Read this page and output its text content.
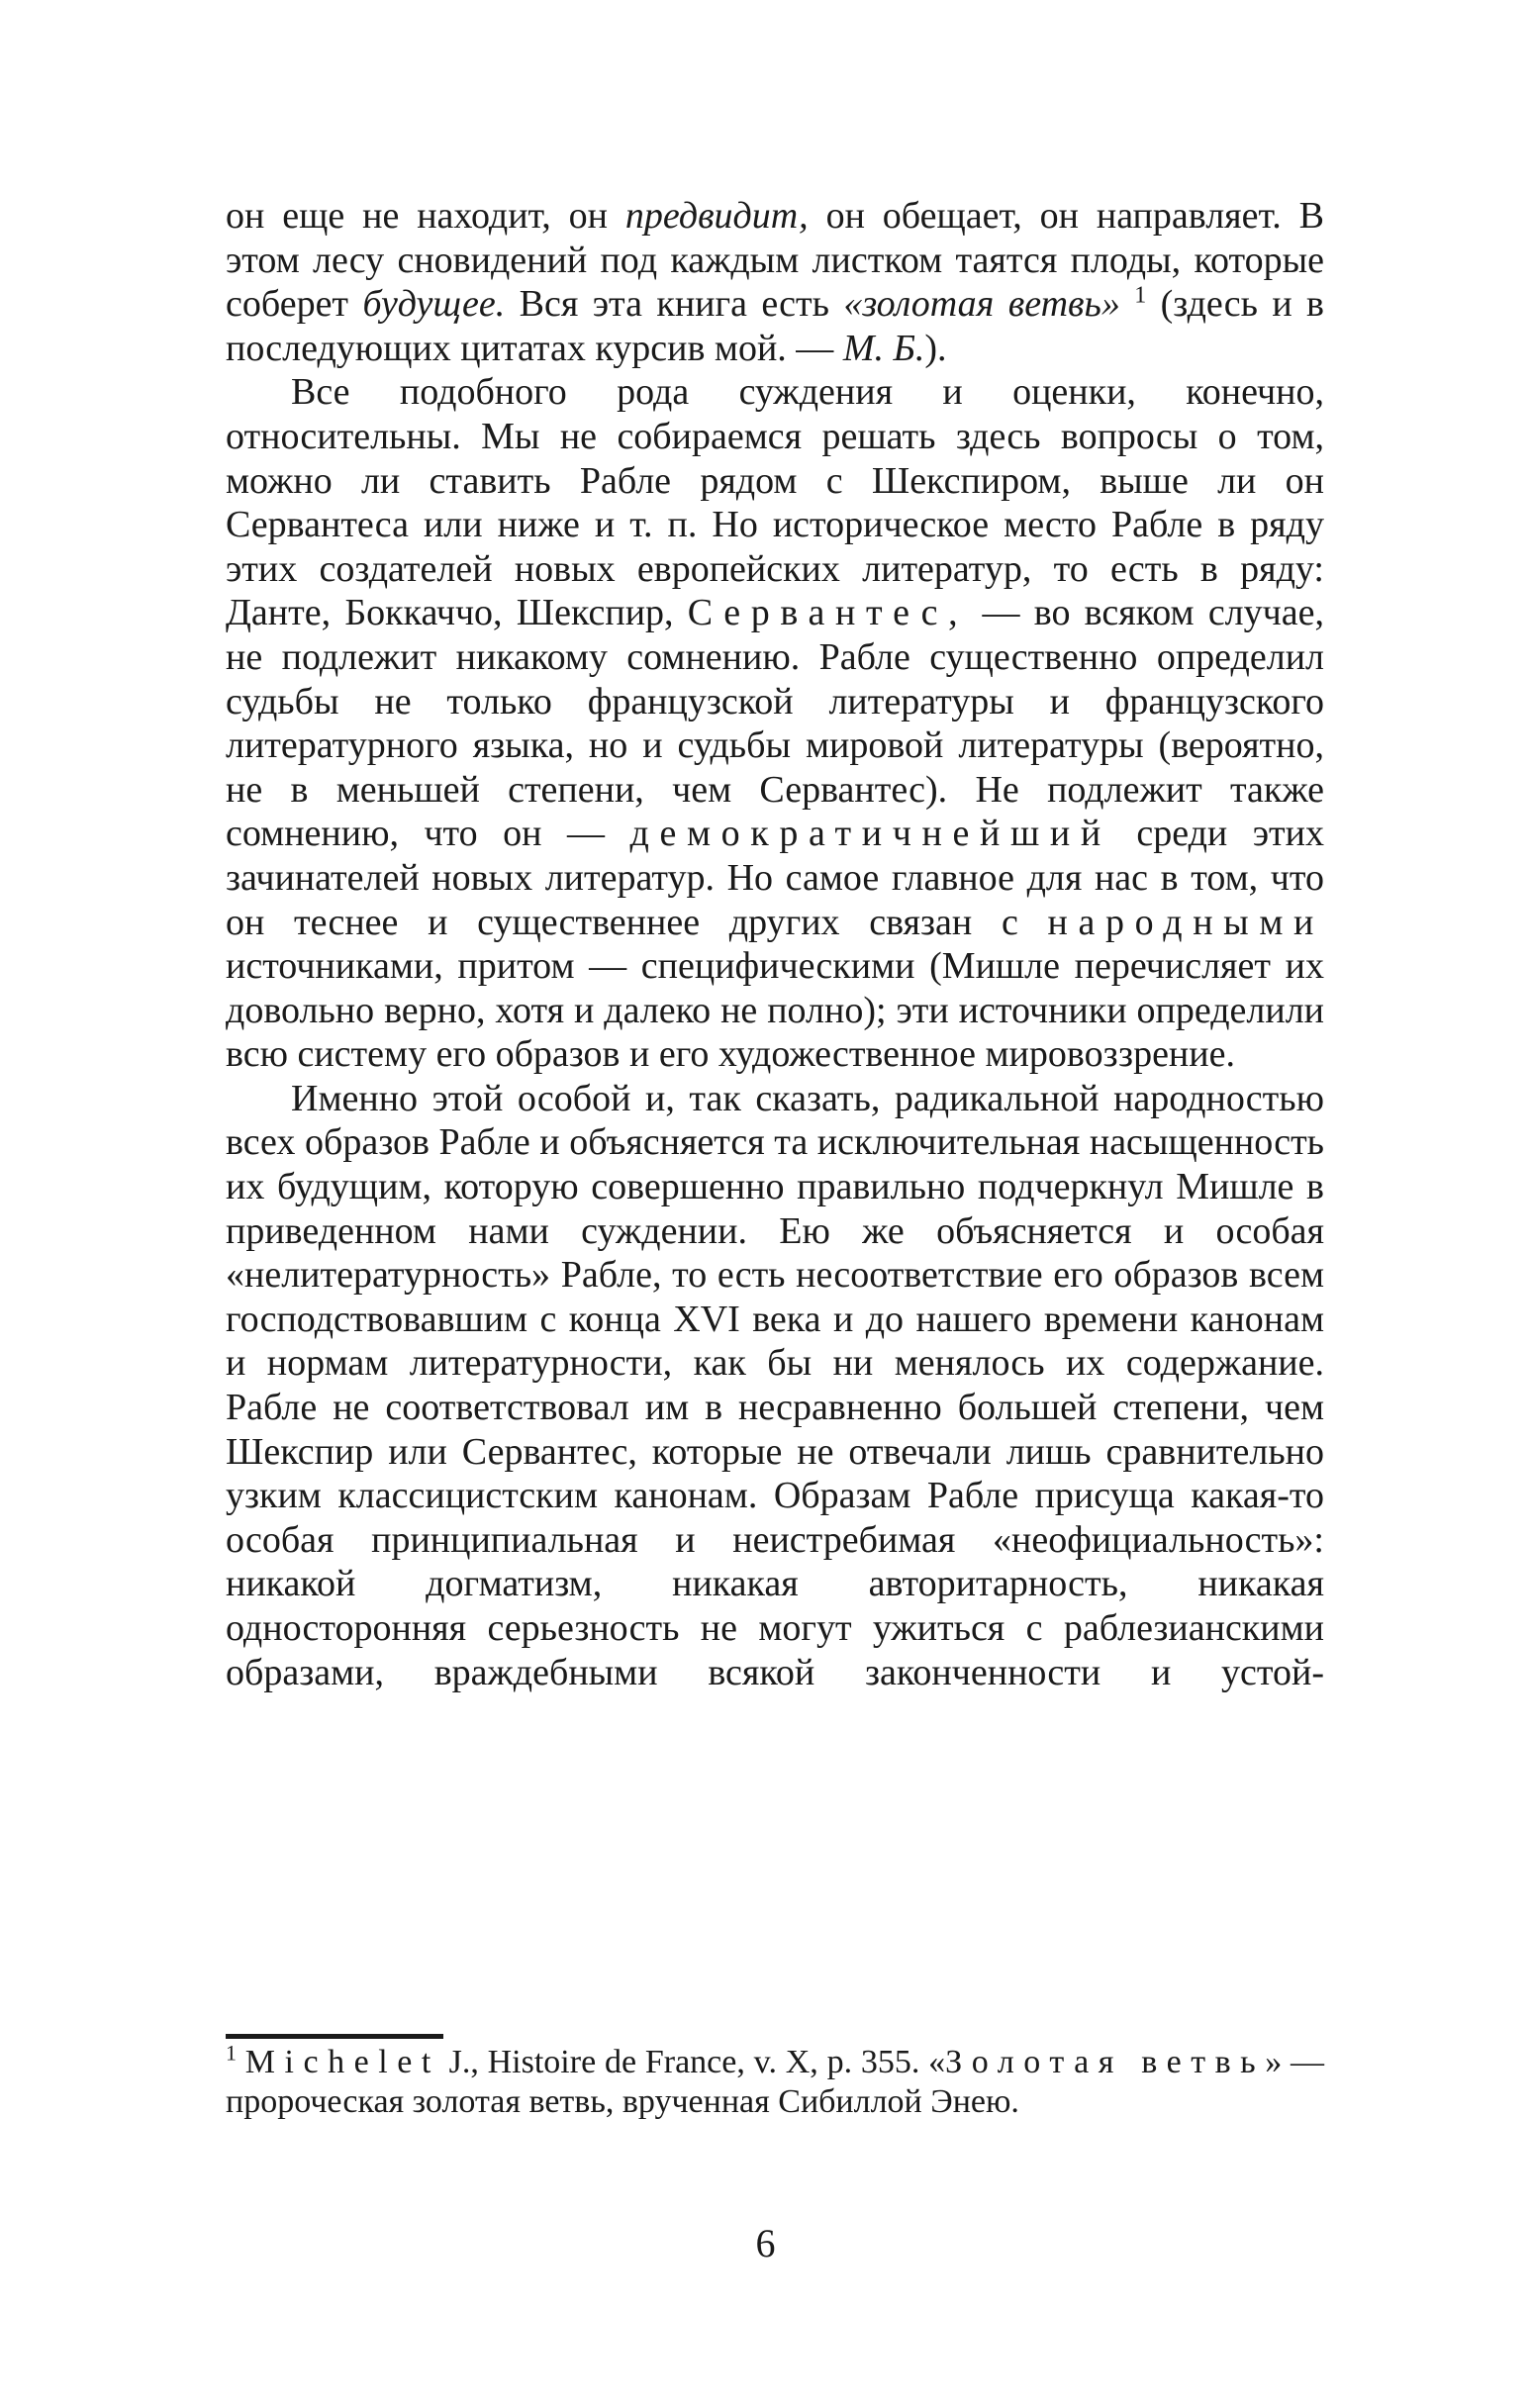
он еще не находит, он предвидит, он обещает, он направляет. В этом лесу сновидений под каждым листком таятся плоды, которые соберет будущее. Вся эта книга есть «золотая ветвь» $^1$ (здесь и в последующих цитатах курсив мой. — М. Б.).

Все подобного рода суждения и оценки, конечно, относительны. Мы не собираемся решать здесь вопросы о том, можно ли ставить Рабле рядом с Шекспиром, выше ли он Сервантеса или ниже и т. п. Но историческое место Рабле в ряду этих создателей новых европейских литератур, то есть в ряду: Данте, Боккаччо, Шекспир, Сервантес, — во всяком случае, не подлежит никакому сомнению. Рабле существенно определил судьбы не только французской литературы и французского литературного языка, но и судьбы мировой литературы (вероятно, не в меньшей степени, чем Сервантес). Не подлежит также сомнению, что он — демократичнейший среди этих зачинателей новых литератур. Но самое главное для нас в том, что он теснее и существеннее других связан с народными источниками, притом — специфическими (Мишле перечисляет их довольно верно, хотя и далеко не полно); эти источники определили всю систему его образов и его художественное мировоззрение.

Именно этой особой и, так сказать, радикальной народностью всех образов Рабле и объясняется та исключительная насыщенность их будущим, которую совершенно правильно подчеркнул Мишле в приведенном нами суждении. Ею же объясняется и особая «нелитературность» Рабле, то есть несоответствие его образов всем господствовавшим с конца XVI века и до нашего времени канонам и нормам литературности, как бы ни менялось их содержание. Рабле не соответствовал им в несравненно большей степени, чем Шекспир или Сервантес, которые не отвечали лишь сравнительно узким классицистским канонам. Образам Рабле присуща какая-то особая принципиальная и неистребимая «неофициальность»: никакой догматизм, никакая авторитарность, никакая односторонняя серьезность не могут ужиться с раблезианскими образами, враждебными всякой законченности и устой-

$^1$ Michelet J., Histoire de France, v. X, p. 355. «Золотая ветвь» — пророческая золотая ветвь, врученная Сибиллой Энею.
6
